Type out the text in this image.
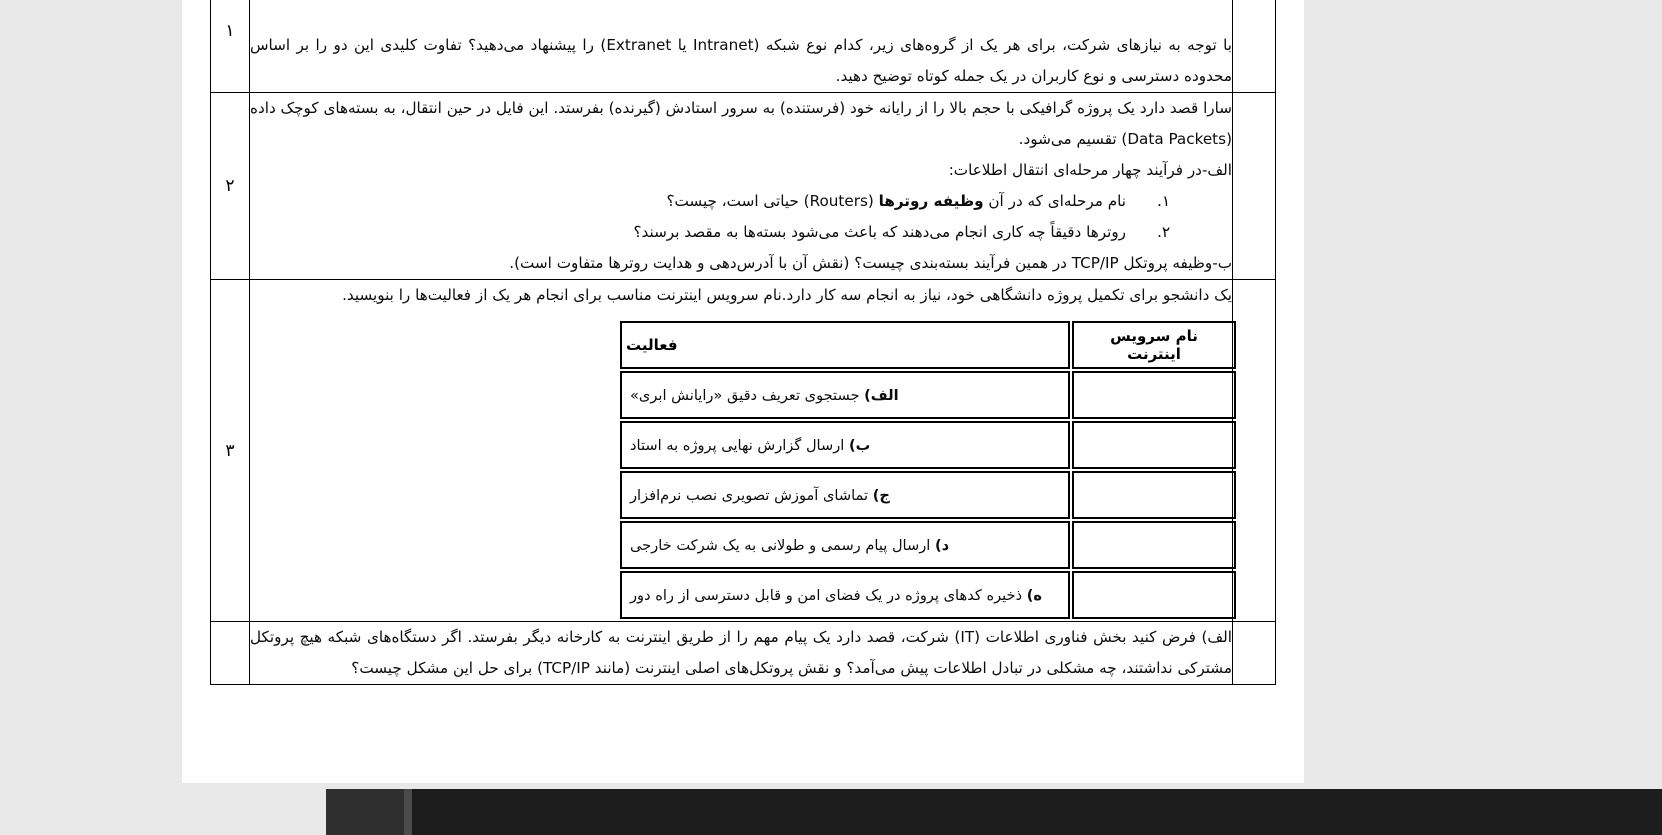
با توجه به نیازهای شرکت، برای هر یک از گروه‌های زیر، کدام نوع شبکه (Intranet یا Extranet) را پیشنهاد می‌دهید؟ تفاوت کلیدی این دو را بر اساس محدوده دسترسی و نوع کاربران در یک جمله کوتاه توضیح دهید.

	۱

سارا قصد دارد یک پروژه گرافیکی با حجم بالا را از رایانه خود (فرستنده) به سرور استادش (گیرنده) بفرستد. این فایل در حین انتقال، به بسته‌های کوچک داده (Data Packets) تقسیم می‌شود.

الف-در فرآیند چهار مرحله‌ای انتقال اطلاعات:

۱.
نام مرحله‌ای که در آن وظیفه روترها (Routers) حیاتی است، چیست؟
۲.
روترها دقیقاً چه کاری انجام می‌دهند که باعث می‌شود بسته‌ها به مقصد برسند؟

ب-وظیفه پروتکل TCP/IP در همین فرآیند بسته‌بندی چیست؟ (نقش آن با آدرس‌دهی و هدایت روترها متفاوت است).

	۲

یک دانشجو برای تکمیل پروژه دانشگاهی خود، نیاز به انجام سه کار دارد.نام سرویس اینترنت مناسب برای انجام هر یک از فعالیت‌ها را بنویسید.

نام سرویس اینترنت	فعالیت
	الف) جستجوی تعریف دقیق «رایانش ابری»
	ب) ارسال گزارش نهایی پروژه به استاد
	ج) تماشای آموزش تصویری نصب نرم‌افزار
	د) ارسال پیام رسمی و طولانی به یک شرکت خارجی
	ه) ذخیره کدهای پروژه در یک فضای امن و قابل دسترسی از راه دور
	۳

الف) فرض کنید بخش فناوری اطلاعات (IT) شرکت، قصد دارد یک پیام مهم را از طریق اینترنت به کارخانه دیگر بفرستد. اگر دستگاه‌های شبکه هیچ پروتکل مشترکی نداشتند، چه مشکلی در تبادل اطلاعات پیش می‌آمد؟ و نقش پروتکل‌های اصلی اینترنت (مانند TCP/IP) برای حل این مشکل چیست؟
